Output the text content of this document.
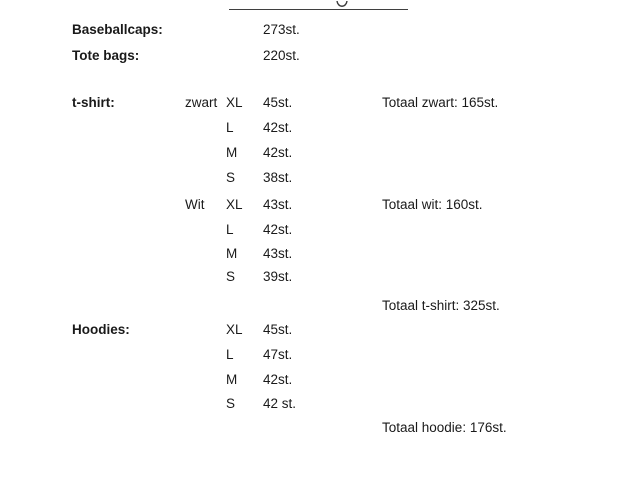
Baseballcaps:	273st.
Tote bags:	220st.
t-shirt:	zwart XL 45st.	Totaal zwart: 165st.
L 42st.
M 42st.
S 38st.
Wit XL 43st.	Totaal wit: 160st.
L 42st.
M 43st.
S 39st.
Totaal t-shirt: 325st.
Hoodies:	XL 45st.
L 47st.
M 42st.
S 42 st.
Totaal hoodie: 176st.
